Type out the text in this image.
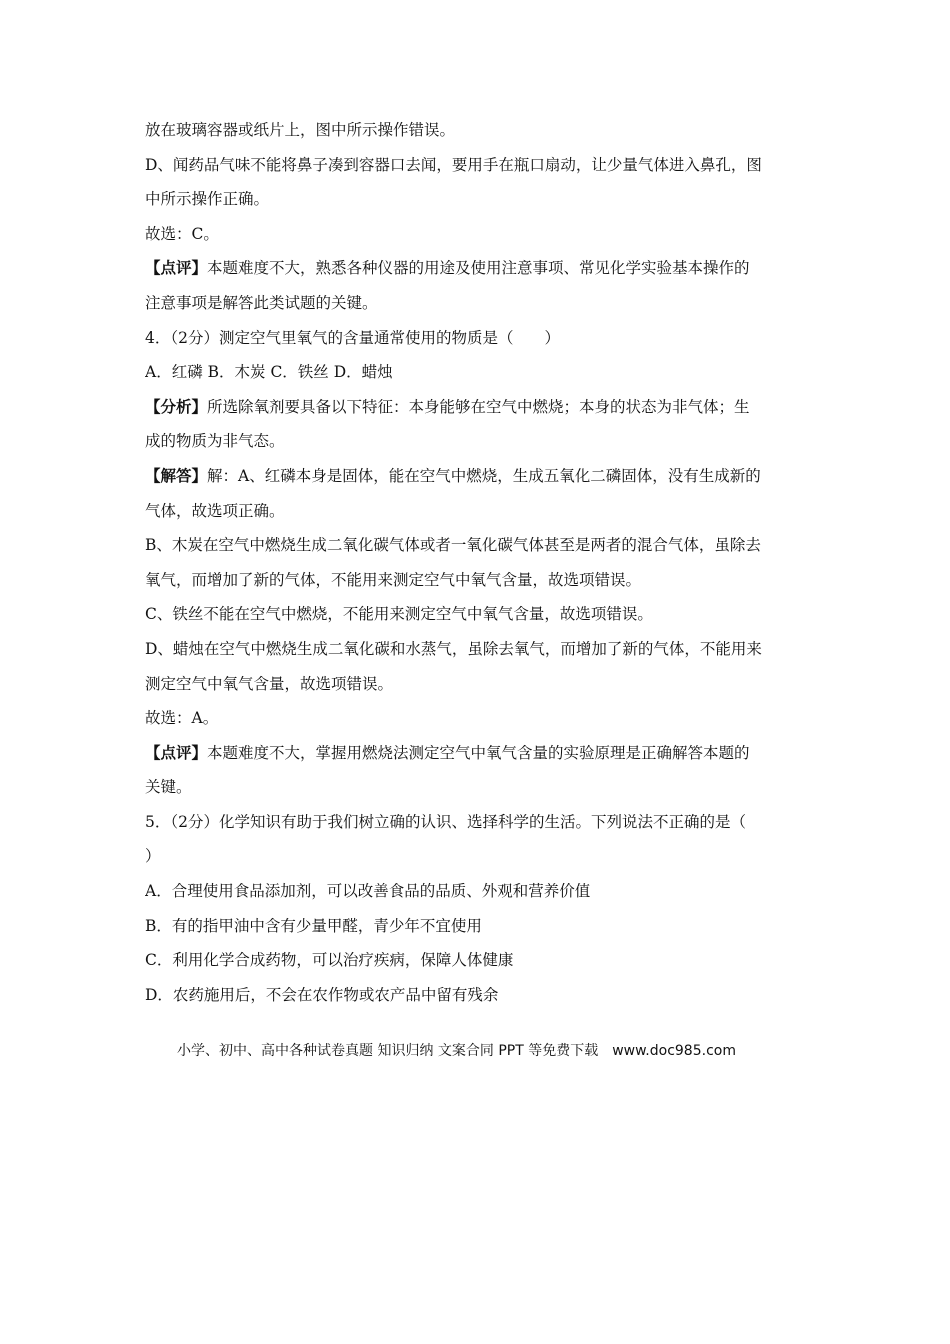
放在玻璃容器或纸片上，图中所示操作错误。
D、闻药品气味不能将鼻子凑到容器口去闻，要用手在瓶口扇动，让少量气体进入鼻孔，图
中所示操作正确。
故选：C。
【点评】本题难度不大，熟悉各种仪器的用途及使用注意事项、常见化学实验基本操作的
注意事项是解答此类试题的关键。
4．（2分）测定空气里氧气的含量通常使用的物质是（　　）
A．红磷 B．木炭 C．铁丝 D．蜡烛
【分析】所选除氧剂要具备以下特征：本身能够在空气中燃烧；本身的状态为非气体；生
成的物质为非气态。
【解答】解：A、红磷本身是固体，能在空气中燃烧，生成五氧化二磷固体，没有生成新的
气体，故选项正确。
B、木炭在空气中燃烧生成二氧化碳气体或者一氧化碳气体甚至是两者的混合气体，虽除去
氧气，而增加了新的气体，不能用来测定空气中氧气含量，故选项错误。
C、铁丝不能在空气中燃烧，不能用来测定空气中氧气含量，故选项错误。
D、蜡烛在空气中燃烧生成二氧化碳和水蒸气，虽除去氧气，而增加了新的气体，不能用来
测定空气中氧气含量，故选项错误。
故选：A。
【点评】本题难度不大，掌握用燃烧法测定空气中氧气含量的实验原理是正确解答本题的
关键。
5．（2分）化学知识有助于我们树立确的认识、选择科学的生活。下列说法不正确的是（
）
A．合理使用食品添加剂，可以改善食品的品质、外观和营养价值
B．有的指甲油中含有少量甲醛，青少年不宜使用
C．利用化学合成药物，可以治疗疾病，保障人体健康
D．农药施用后，不会在农作物或农产品中留有残余
小学、初中、高中各种试卷真题 知识归纳 文案合同 PPT 等免费下载　www.doc985.com
